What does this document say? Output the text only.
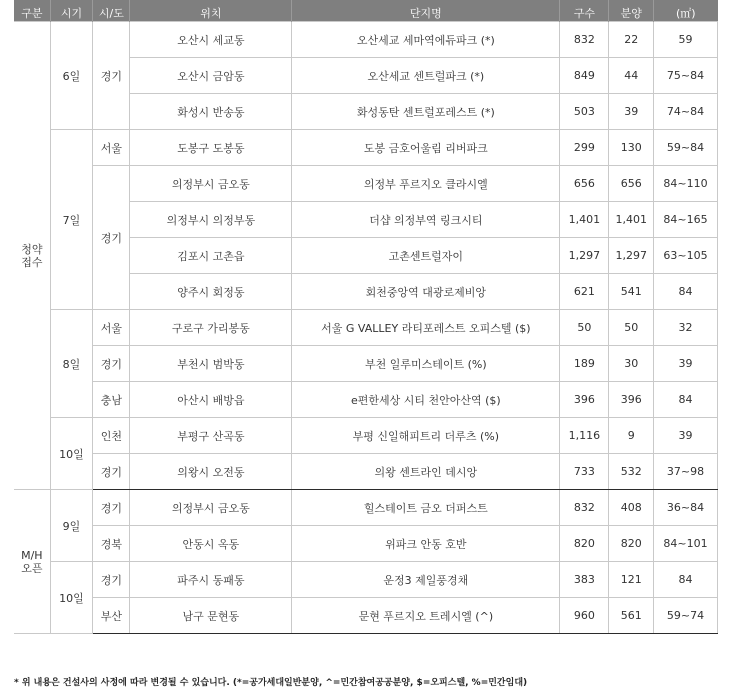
구분	시기	시/도	위치	단지명	구수	분양	(㎡)

청약
접수	6일	경기	오산시 세교동	오산세교 세마역에듀파크 (*)	832	22	59
			오산시 금암동	오산세교 센트럴파크 (*)	849	44	75~84
			화성시 반송동	화성동탄 센트럴포레스트 (*)	503	39	74~84
	7일	서울	도봉구 도봉동	도봉 금호어울림 리버파크	299	130	59~84
		경기	의정부시 금오동	의정부 푸르지오 클라시엘	656	656	84~110
			의정부시 의정부동	더샵 의정부역 링크시티	1,401	1,401	84~165
			김포시 고촌읍	고촌센트럴자이	1,297	1,297	63~105
			양주시 회정동	회천중앙역 대광로제비앙	621	541	84
	8일	서울	구로구 가리봉동	서울 G VALLEY 라티포레스트 오피스텔 ($)	50	50	32
		경기	부천시 범박동	부천 일루미스테이트 (%)	189	30	39
		충남	아산시 배방읍	e편한세상 시티 천안아산역 ($)	396	396	84
	10일	인천	부평구 산곡동	부평 신일해피트리 더루츠 (%)	1,116	9	39
		경기	의왕시 오전동	의왕 센트라인 데시앙	733	532	37~98

M/H
오픈	9일	경기	의정부시 금오동	힐스테이트 금오 더퍼스트	832	408	36~84
		경북	안동시 옥동	위파크 안동 호반	820	820	84~101
	10일	경기	파주시 동패동	운정3 제일풍경채	383	121	84
		부산	남구 문현동	문현 푸르지오 트레시엘 (^)	960	561	59~74
* 위 내용은 건설사의 사정에 따라 변경될 수 있습니다. (*=공가세대일반분양, ^=민간참여공공분양, $=오피스텔, %=민간임대)
